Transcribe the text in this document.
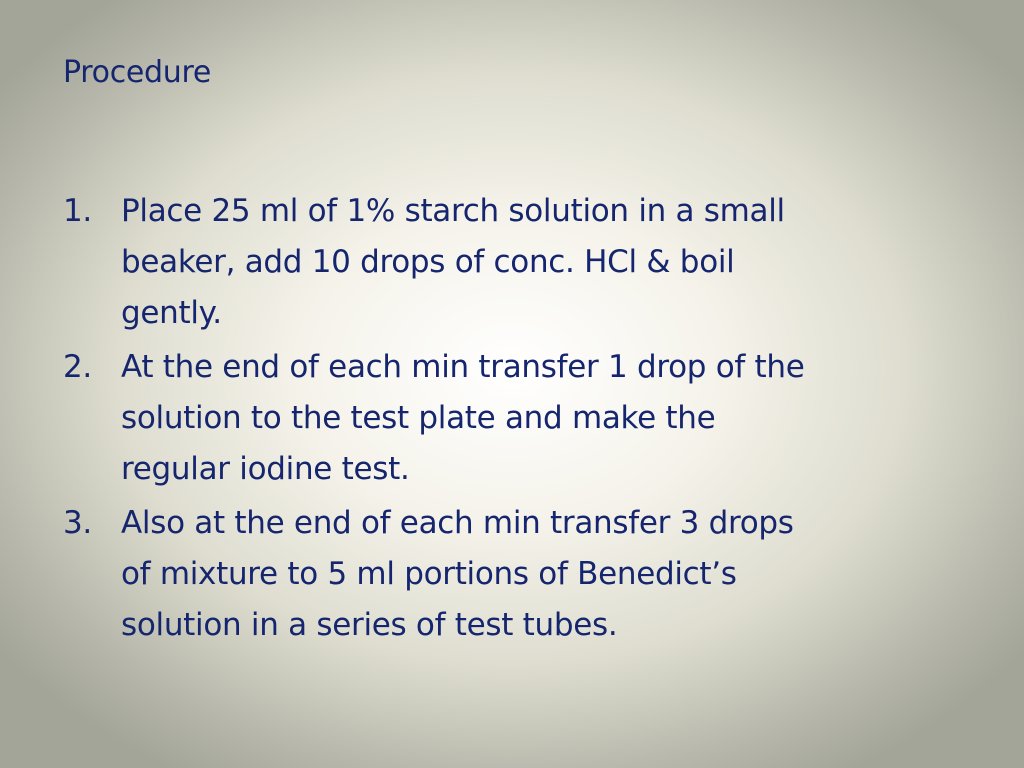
Procedure
1. Place 25 ml of 1% starch solution in a small
beaker, add 10 drops of conc. HCl & boil
gently.
2. At the end of each min transfer 1 drop of the
solution to the test plate and make the
regular iodine test.
3. Also at the end of each min transfer 3 drops
of mixture to 5 ml portions of Benedict’s
solution in a series of test tubes.
·
